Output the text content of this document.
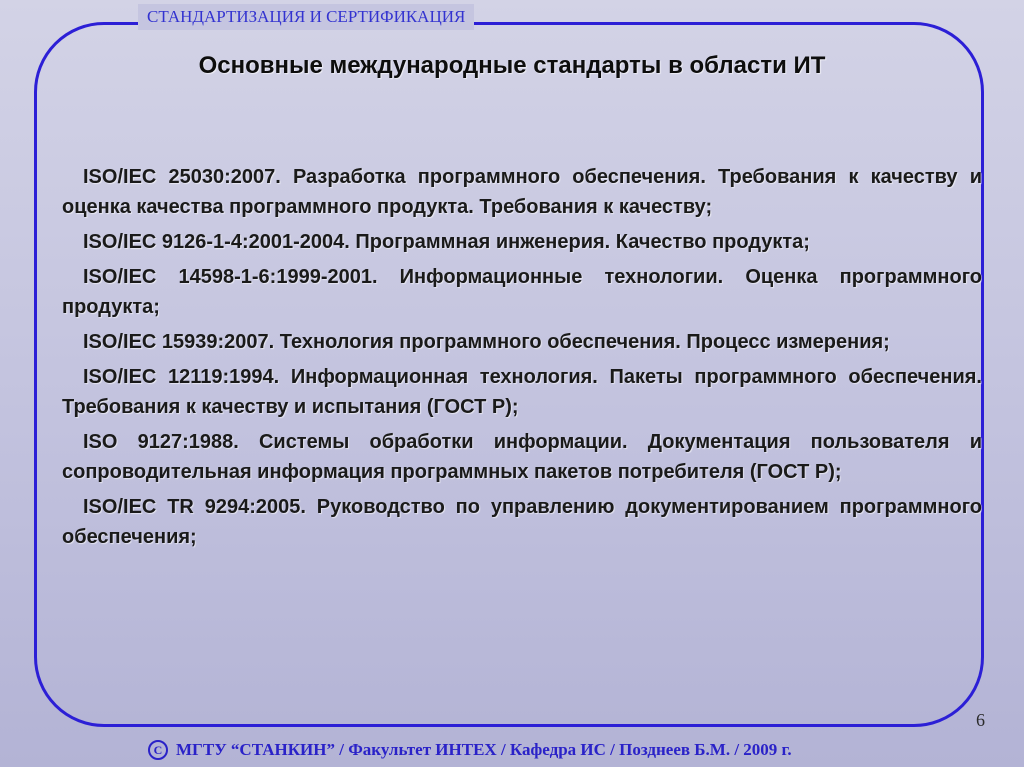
СТАНДАРТИЗАЦИЯ И СЕРТИФИКАЦИЯ
Основные международные стандарты в области ИТ

ISO/IEC 25030:2007. Разработка программного обеспечения. Требования к качеству и оценка качества программного продукта. Требования к качеству;

ISO/IEC 9126-1-4:2001-2004. Программная инженерия. Качество продукта;

ISO/IEC 14598-1-6:1999-2001. Информационные технологии. Оценка программного продукта;

ISO/IEC 15939:2007. Технология программного обеспечения. Процесс измерения;

ISO/IEC 12119:1994. Информационная технология. Пакеты программного обеспечения. Требования к качеству и испытания (ГОСТ Р);

ISO 9127:1988. Системы обработки информации. Документация пользователя и сопроводительная информация программных пакетов потребителя (ГОСТ Р);

ISO/IEC TR 9294:2005. Руководство по управлению документированием программного обеспечения;

6
С МГТУ “СТАНКИН” / Факультет ИНТЕХ / Кафедра ИС / Позднеев Б.М. / 2009 г.
